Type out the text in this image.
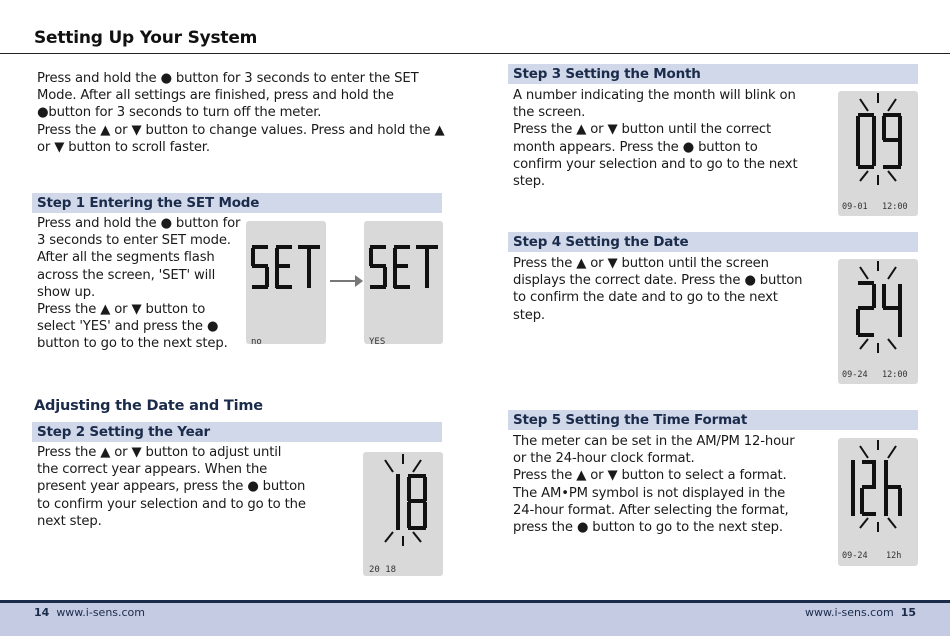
Setting Up Your System

Press and hold the ● button for 3 seconds to enter the SET

Mode. After all settings are finished, press and hold the

●button for 3 seconds to turn off the meter.

Press the ▲ or ▼ button to change values. Press and hold the ▲

or ▼ button to scroll faster.

Step 1 Entering the SET Mode

Press and hold the ● button for

3 seconds to enter SET mode.

After all the segments flash

across the screen, 'SET' will

show up.

Press the ▲ or ▼ button to

select 'YES' and press the ●

button to go to the next step.	no	YES
Adjusting the Date and Time
Step 2 Setting the Year

Press the ▲ or ▼ button to adjust until

the correct year appears. When the

present year appears, press the ● button

to confirm your selection and to go to the

next step.

20 18
Step 3 Setting the Month

A number indicating the month will blink on

the screen.

Press the ▲ or ▼ button until the correct

month appears. Press the ● button to

confirm your selection and to go to the next

step.

09-01 12:00
Step 4 Setting the Date

Press the ▲ or ▼ button until the screen

displays the correct date. Press the ● button

to confirm the date and to go to the next

step.

09-24 12:00
Step 5 Setting the Time Format

The meter can be set in the AM/PM 12-hour

or the 24-hour clock format.

Press the ▲ or ▼ button to select a format.

The AM•PM symbol is not displayed in the

24-hour format. After selecting the format,

press the ● button to go to the next step.

09-24 12h
14 www.i-sens.com	www.i-sens.com 15
